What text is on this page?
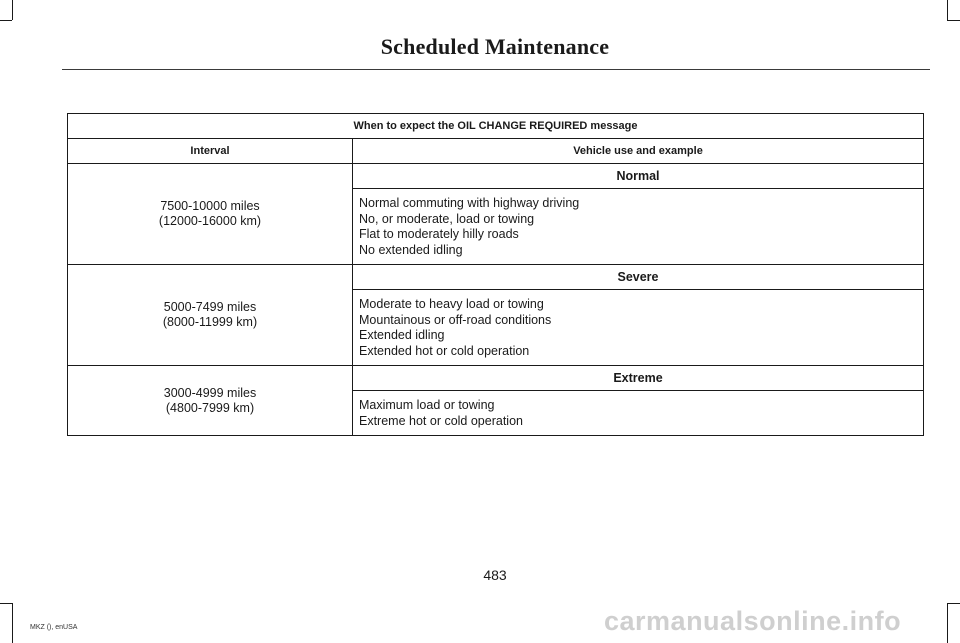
Scheduled Maintenance
When to expect the OIL CHANGE REQUIRED message	
Interval	Vehicle use and example

7500-10000 miles
(12000-16000 km)	Normal

	Normal commuting with highway driving
No, or moderate, load or towing
Flat to moderately hilly roads
No extended idling

5000-7499 miles
(8000-11999 km)	Severe

	Moderate to heavy load or towing
Mountainous or off-road conditions
Extended idling
Extended hot or cold operation

3000-4999 miles
(4800-7999 km)	Extreme

	Maximum load or towing
Extreme hot or cold operation
483
MKZ (), enUSA	carmanualsonline.info
